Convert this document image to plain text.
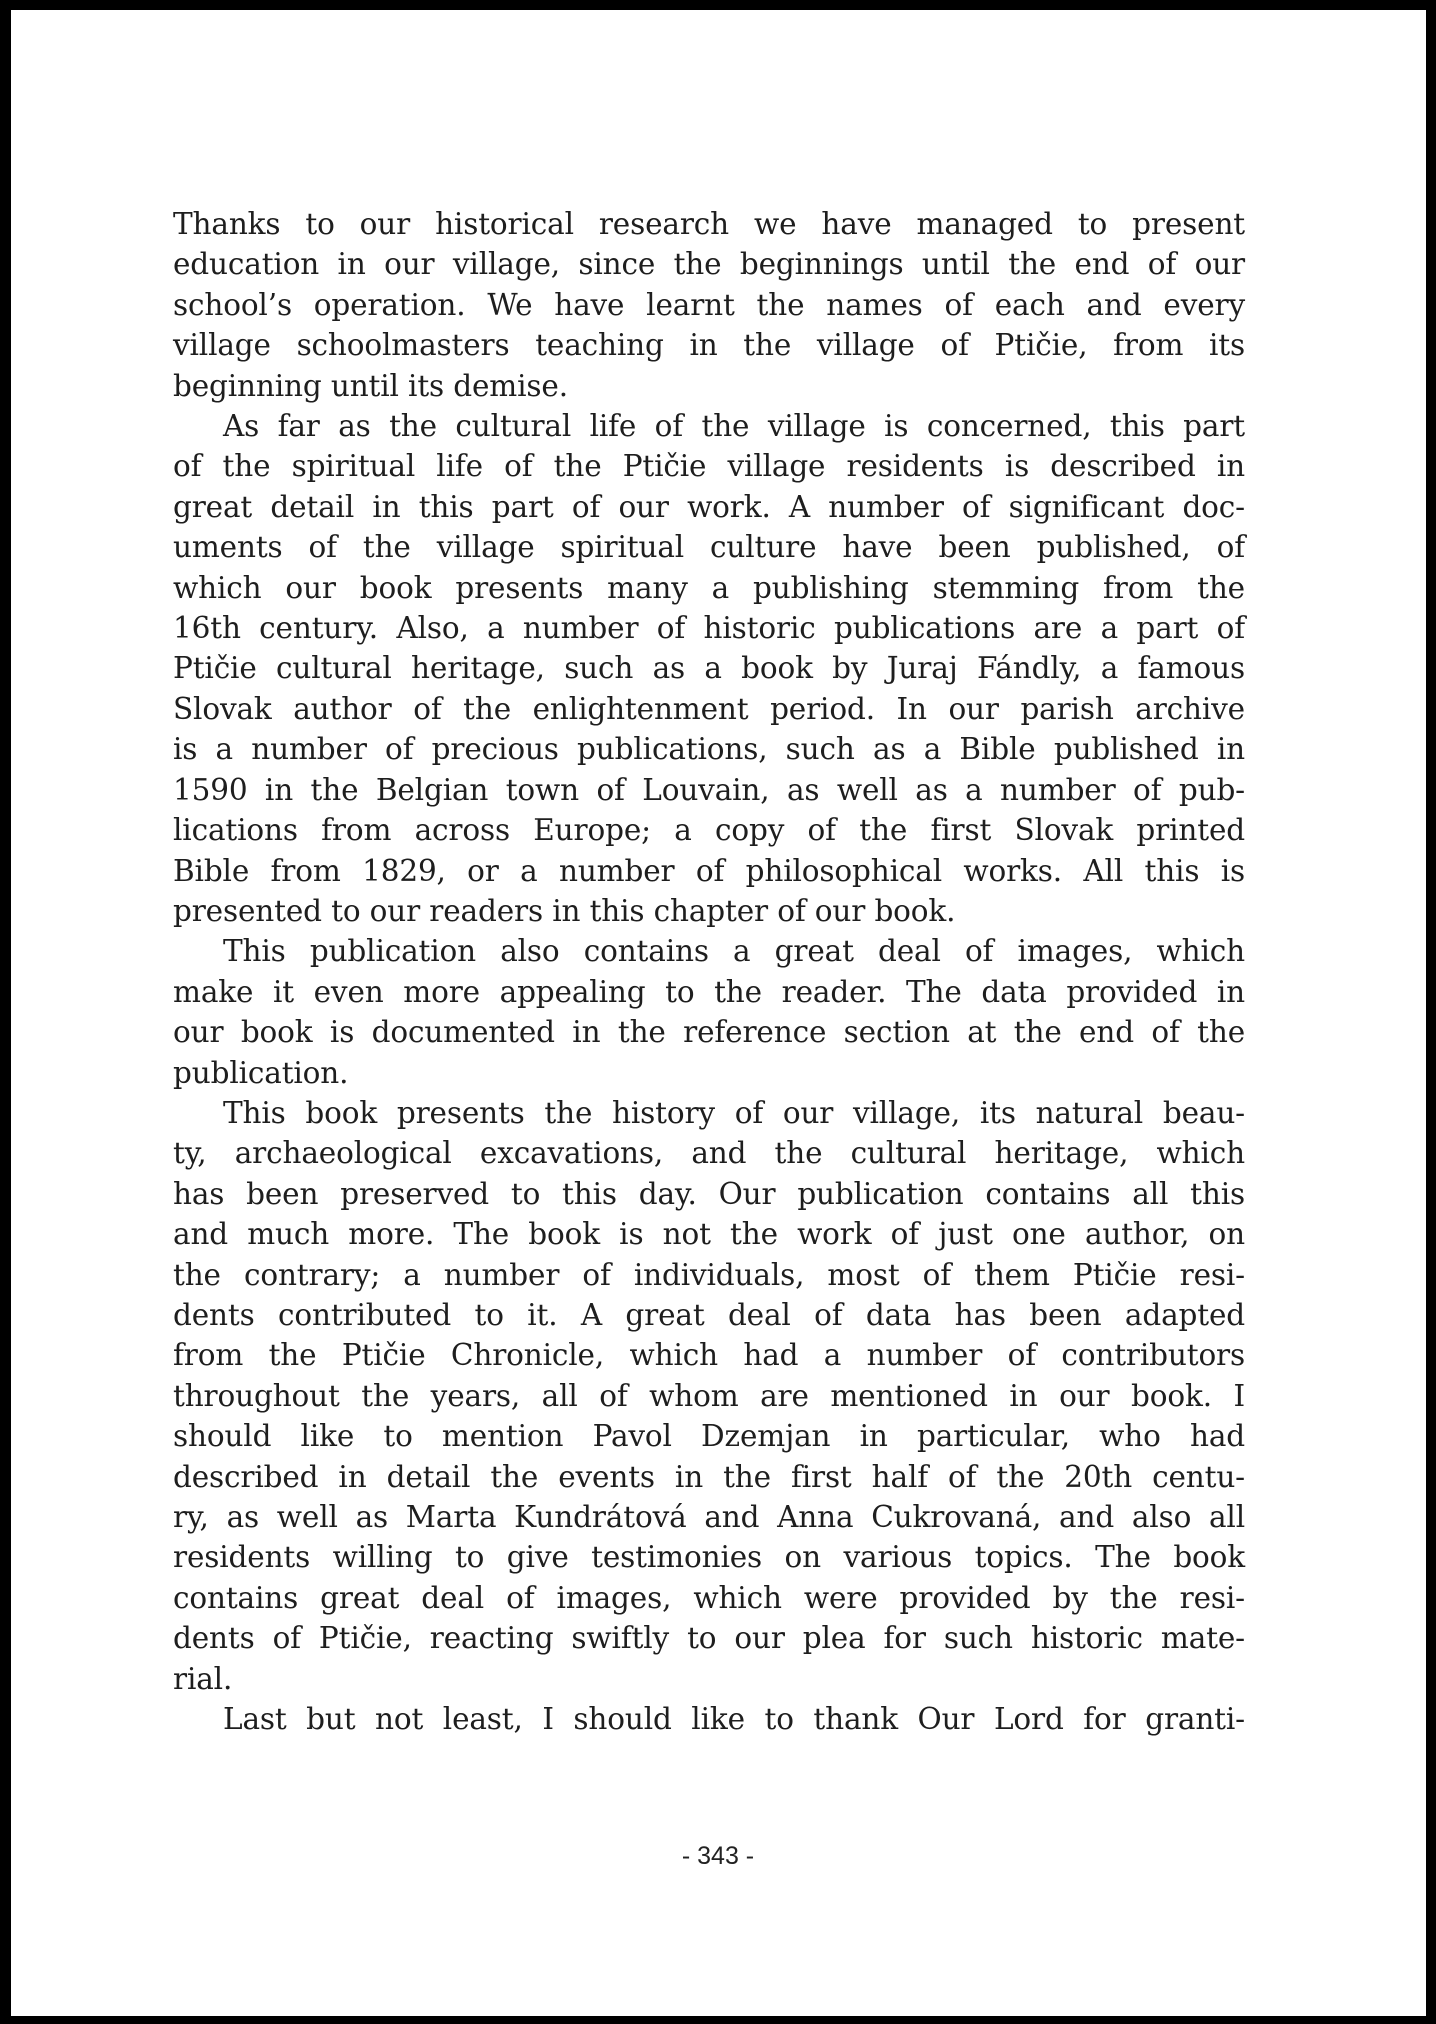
Thanks to our historical research we have managed to present
education in our village, since the beginnings until the end of our
school’s operation. We have learnt the names of each and every
village schoolmasters teaching in the village of Ptičie, from its
beginning until its demise.
As far as the cultural life of the village is concerned, this part
of the spiritual life of the Ptičie village residents is described in
great detail in this part of our work. A number of significant doc-
uments of the village spiritual culture have been published, of
which our book presents many a publishing stemming from the
16th century. Also, a number of historic publications are a part of
Ptičie cultural heritage, such as a book by Juraj Fándly, a famous
Slovak author of the enlightenment period. In our parish archive
is a number of precious publications, such as a Bible published in
1590 in the Belgian town of Louvain, as well as a number of pub-
lications from across Europe; a copy of the first Slovak printed
Bible from 1829, or a number of philosophical works. All this is
presented to our readers in this chapter of our book.
This publication also contains a great deal of images, which
make it even more appealing to the reader. The data provided in
our book is documented in the reference section at the end of the
publication.
This book presents the history of our village, its natural beau-
ty, archaeological excavations, and the cultural heritage, which
has been preserved to this day. Our publication contains all this
and much more. The book is not the work of just one author, on
the contrary; a number of individuals, most of them Ptičie resi-
dents contributed to it. A great deal of data has been adapted
from the Ptičie Chronicle, which had a number of contributors
throughout the years, all of whom are mentioned in our book. I
should like to mention Pavol Dzemjan in particular, who had
described in detail the events in the first half of the 20th centu-
ry, as well as Marta Kundrátová and Anna Cukrovaná, and also all
residents willing to give testimonies on various topics. The book
contains great deal of images, which were provided by the resi-
dents of Ptičie, reacting swiftly to our plea for such historic mate-
rial.
Last but not least, I should like to thank Our Lord for granti-
- 343 -
